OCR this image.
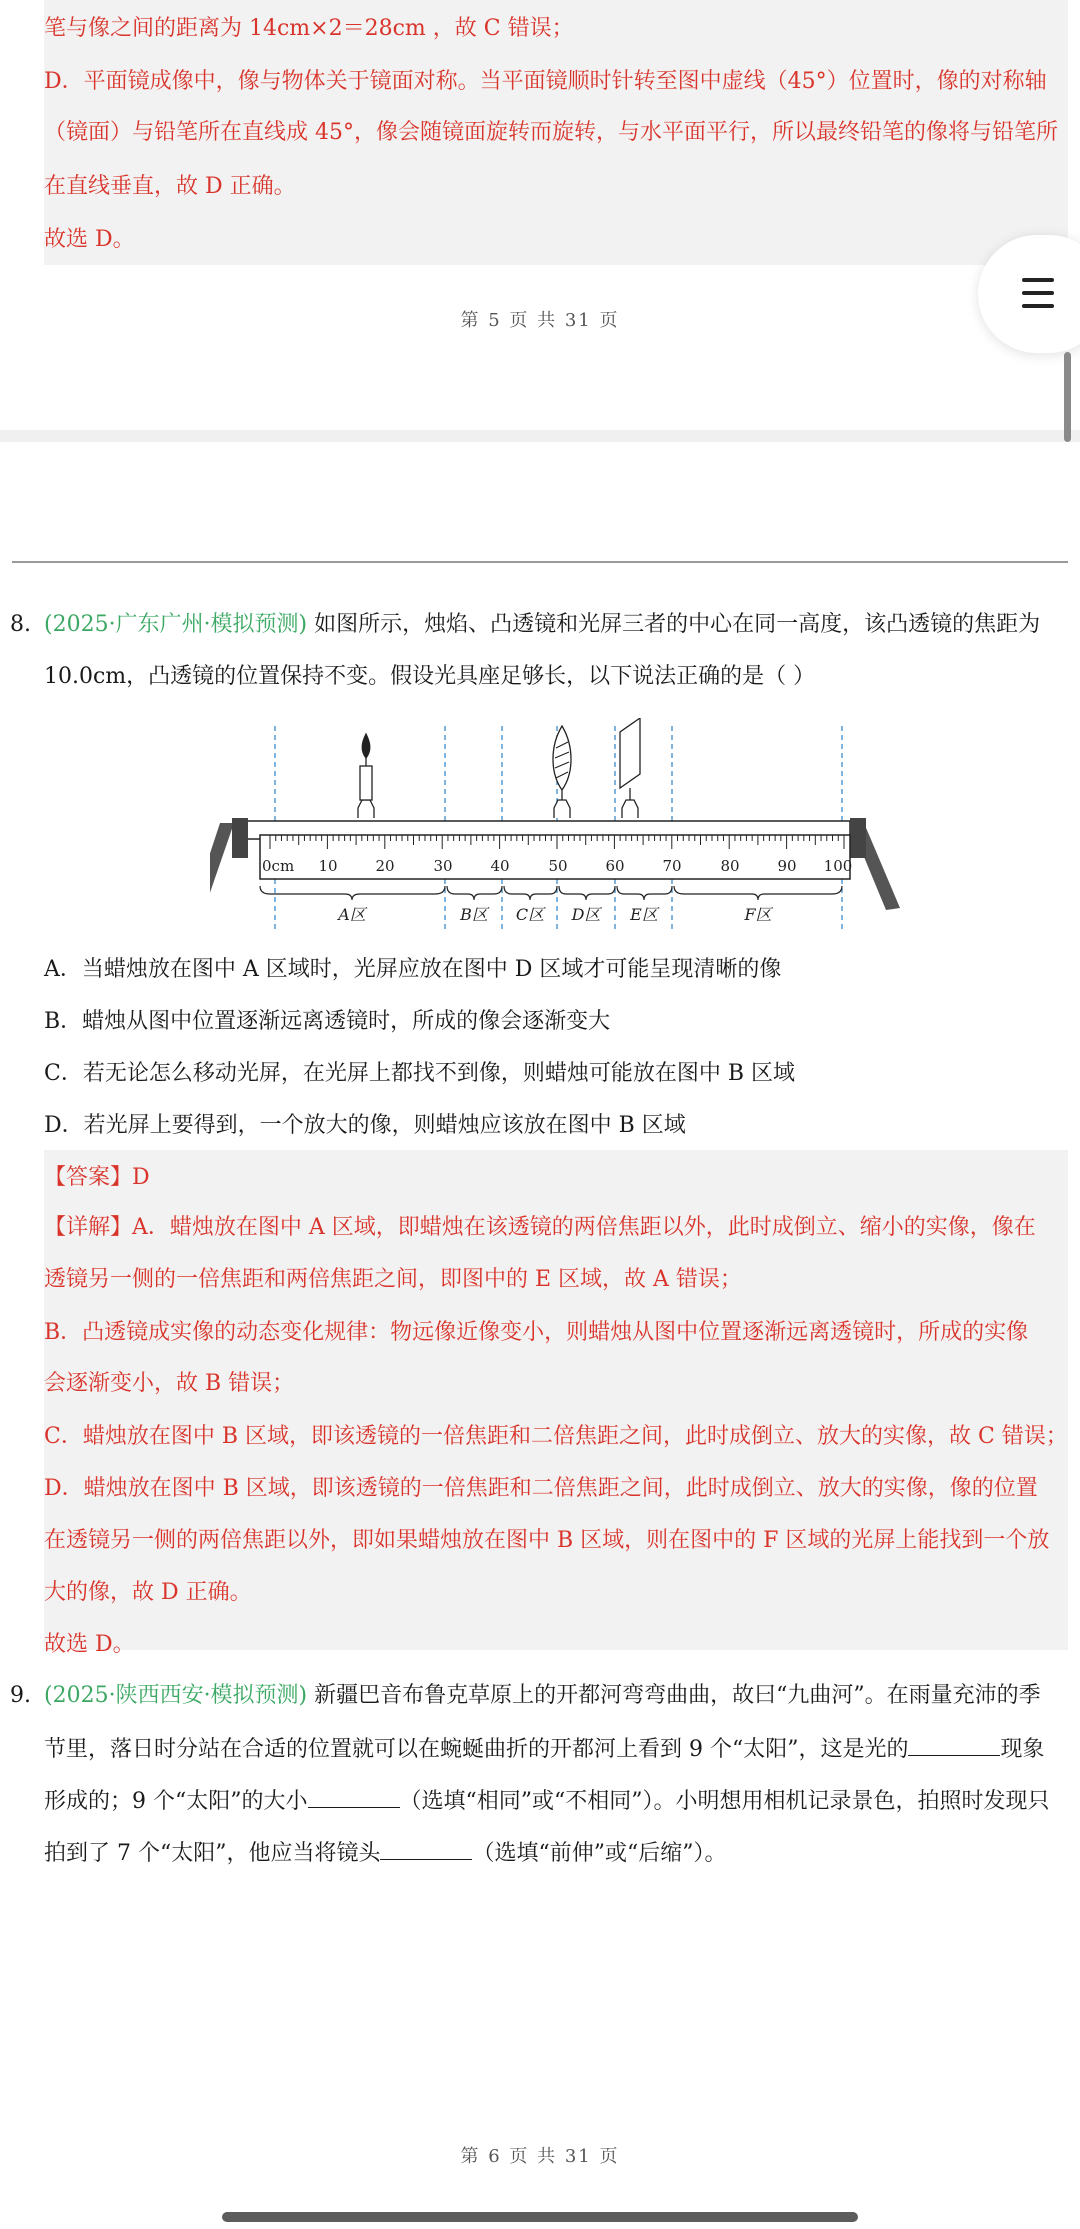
笔与像之间的距离为 14cm×2＝28cm ，故 C 错误；
D．平面镜成像中，像与物体关于镜面对称。当平面镜顺时针转至图中虚线（45°）位置时，像的对称轴
（镜面）与铅笔所在直线成 45°，像会随镜面旋转而旋转，与水平面平行，所以最终铅笔的像将与铅笔所
在直线垂直，故 D 正确。
故选 D。
第 5 页 共 31 页
8. (2025·广东广州·模拟预测) 如图所示，烛焰、凸透镜和光屏三者的中心在同一高度，该凸透镜的焦距为
10.0cm，凸透镜的位置保持不变。假设光具座足够长，以下说法正确的是（ ）
0cm 10	20	30	40	50	60	70	80	90 100
A区	B区 C区 D区 E区	F区
A．当蜡烛放在图中 A 区域时，光屏应放在图中 D 区域才可能呈现清晰的像
B．蜡烛从图中位置逐渐远离透镜时，所成的像会逐渐变大
C．若无论怎么移动光屏，在光屏上都找不到像，则蜡烛可能放在图中 B 区域
D．若光屏上要得到，一个放大的像，则蜡烛应该放在图中 B 区域
【答案】D
【详解】A．蜡烛放在图中 A 区域，即蜡烛在该透镜的两倍焦距以外，此时成倒立、缩小的实像，像在
透镜另一侧的一倍焦距和两倍焦距之间，即图中的 E 区域，故 A 错误；
B．凸透镜成实像的动态变化规律：物远像近像变小，则蜡烛从图中位置逐渐远离透镜时，所成的实像
会逐渐变小，故 B 错误；
C．蜡烛放在图中 B 区域，即该透镜的一倍焦距和二倍焦距之间，此时成倒立、放大的实像，故 C 错误；
D．蜡烛放在图中 B 区域，即该透镜的一倍焦距和二倍焦距之间，此时成倒立、放大的实像，像的位置
在透镜另一侧的两倍焦距以外，即如果蜡烛放在图中 B 区域，则在图中的 F 区域的光屏上能找到一个放
大的像，故 D 正确。
故选 D。
9. (2025·陕西西安·模拟预测) 新疆巴音布鲁克草原上的开都河弯弯曲曲，故曰“九曲河”。在雨量充沛的季
节里，落日时分站在合适的位置就可以在蜿蜒曲折的开都河上看到 9 个“太阳”，这是光的	现象
形成的；9 个“太阳”的大小	（选填“相同”或“不相同”）。小明想用相机记录景色，拍照时发现只
拍到了 7 个“太阳”，他应当将镜头	（选填“前伸”或“后缩”）。
第 6 页 共 31 页
